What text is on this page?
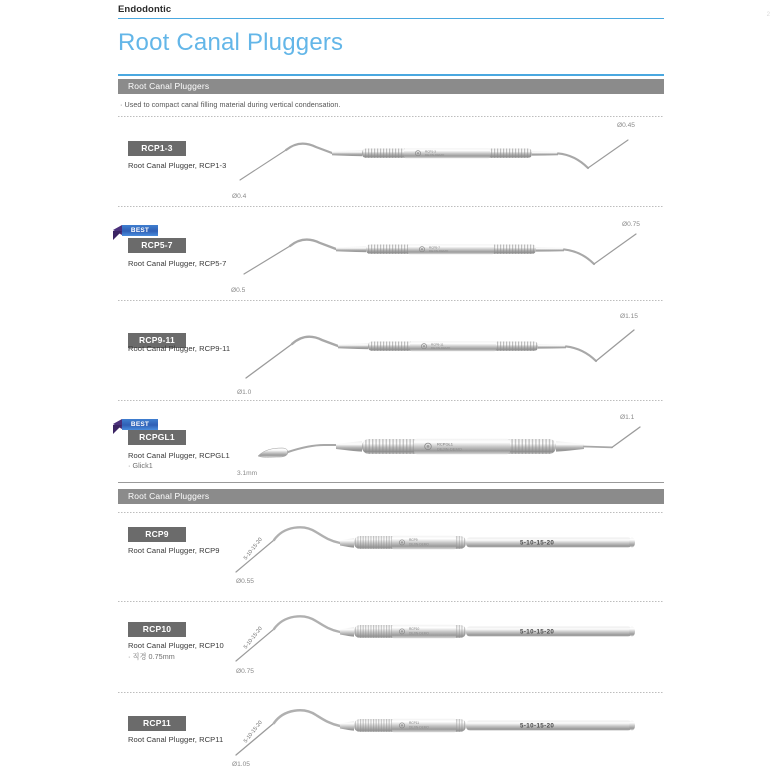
Endodontic
Root Canal Pluggers
2
Root Canal Pluggers
· Used to compact canal filling material during vertical condensation.
RCP1-3
Root Canal Plugger, RCP1-3
Ø0.4
Ø0.45
RCP1-3
DEJIN-DEMO
BEST
RCP5-7
Root Canal Plugger, RCP5-7
Ø0.5
Ø0.75
RCP5-7
DEJIN-DEMO
RCP9-11
Root Canal Plugger, RCP9-11
Ø1.0
Ø1.15
RCP9-11
DEJIN-DEMO
BEST
RCPGL1
Root Canal Plugger, RCPGL1
· Glick1
3.1mm
Ø1.1
RCPGL1
DEJIN-DEMO
Root Canal Pluggers
RCP9
Root Canal Plugger, RCP9
Ø0.55
5-10-15-20	RCP9
DEJIN-DEMO	5-10-15-20
RCP10
Root Canal Plugger, RCP10
· 직경 0.75mm
Ø0.75
5-10-15-20	RCP10
DEJIN-DEMO	5-10-15-20
RCP11
Root Canal Plugger, RCP11
Ø1.05
5-10-15-20	RCP11
DEJIN-DEMO	5-10-15-20
